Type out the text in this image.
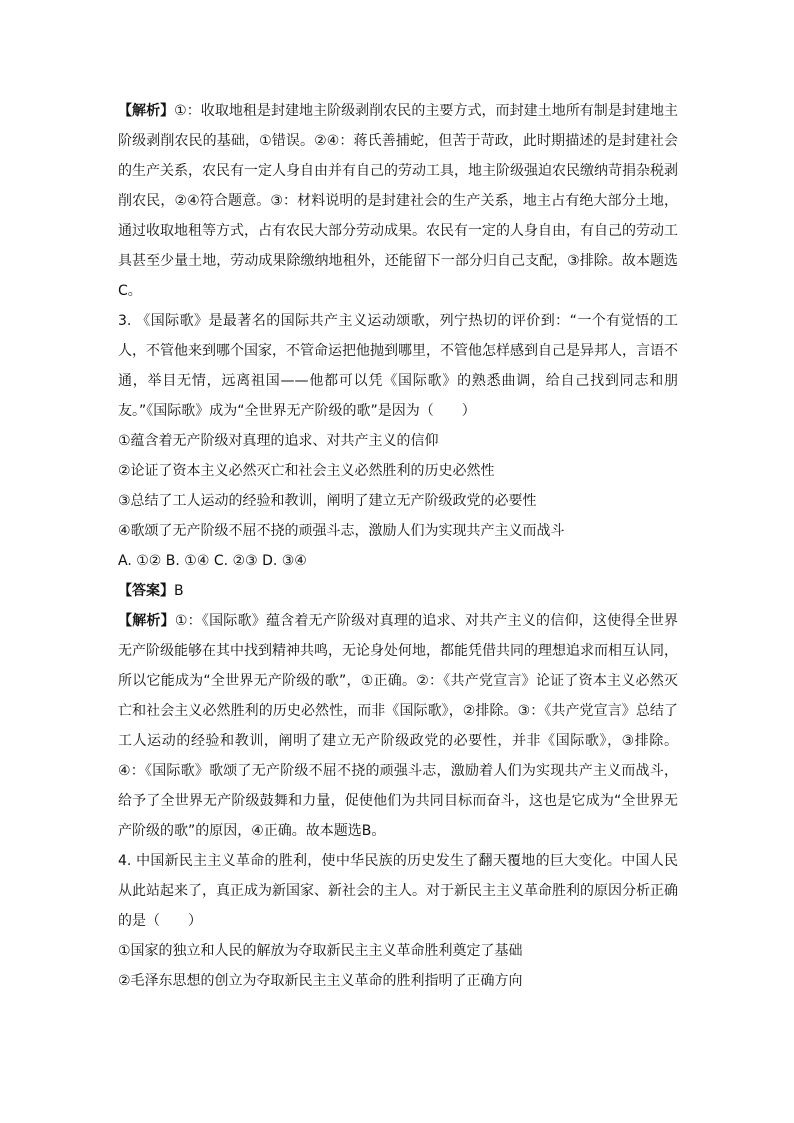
【解析】①：收取地租是封建地主阶级剥削农民的主要方式，而封建土地所有制是封建地主阶级剥削农民的基础，①错误。②④：蒋氏善捕蛇，但苦于苛政，此时期描述的是封建社会的生产关系，农民有一定人身自由并有自己的劳动工具，地主阶级强迫农民缴纳苛捐杂税剥削农民，②④符合题意。③：材料说明的是封建社会的生产关系，地主占有绝大部分土地，通过收取地租等方式，占有农民大部分劳动成果。农民有一定的人身自由，有自己的劳动工具甚至少量土地，劳动成果除缴纳地租外，还能留下一部分归自己支配，③排除。故本题选C。

3. 《国际歌》是最著名的国际共产主义运动颂歌，列宁热切的评价到：“一个有觉悟的工人，不管他来到哪个国家，不管命运把他抛到哪里，不管他怎样感到自己是异邦人，言语不通，举目无情，远离祖国——他都可以凭《国际歌》的熟悉曲调，给自己找到同志和朋友。”《国际歌》成为“全世界无产阶级的歌”是因为（　　）

①蕴含着无产阶级对真理的追求、对共产主义的信仰

②论证了资本主义必然灭亡和社会主义必然胜利的历史必然性

③总结了工人运动的经验和教训，阐明了建立无产阶级政党的必要性

④歌颂了无产阶级不屈不挠的顽强斗志，激励人们为实现共产主义而战斗

A. ①② B. ①④ C. ②③ D. ③④

【答案】B

【解析】①：《国际歌》蕴含着无产阶级对真理的追求、对共产主义的信仰，这使得全世界无产阶级能够在其中找到精神共鸣，无论身处何地，都能凭借共同的理想追求而相互认同，所以它能成为“全世界无产阶级的歌”，①正确。②：《共产党宣言》论证了资本主义必然灭亡和社会主义必然胜利的历史必然性，而非《国际歌》，②排除。③：《共产党宣言》总结了工人运动的经验和教训，阐明了建立无产阶级政党的必要性，并非《国际歌》，③排除。④：《国际歌》歌颂了无产阶级不屈不挠的顽强斗志，激励着人们为实现共产主义而战斗，给予了全世界无产阶级鼓舞和力量，促使他们为共同目标而奋斗，这也是它成为“全世界无产阶级的歌”的原因，④正确。故本题选B。

4. 中国新民主主义革命的胜利，使中华民族的历史发生了翻天覆地的巨大变化。中国人民从此站起来了，真正成为新国家、新社会的主人。对于新民主主义革命胜利的原因分析正确的是（　　）

①国家的独立和人民的解放为夺取新民主主义革命胜利奠定了基础

②毛泽东思想的创立为夺取新民主主义革命的胜利指明了正确方向
